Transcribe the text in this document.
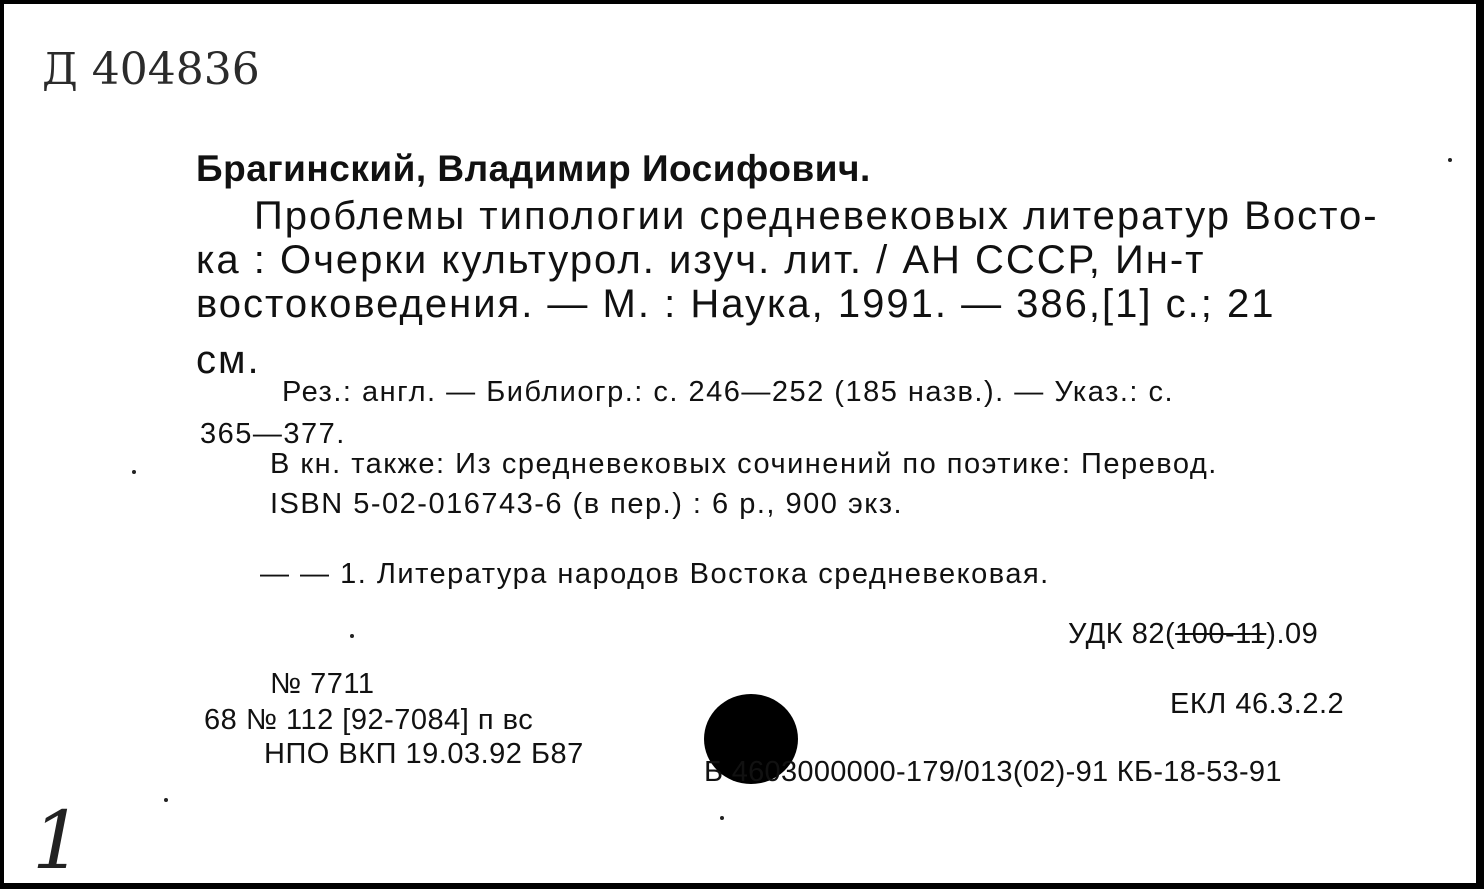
Д 404836
Брагинский, Владимир Иосифович.
Проблемы типологии средневековых литератур Восто-
ка : Очерки культурол. изуч. лит. / АН СССР, Ин-т
востоковедения. — М. : Наука, 1991. — 386,[1] с.; 21
см.
Рез.: англ. — Библиогр.: с. 246—252 (185 назв.). — Указ.: с.
365—377.
В кн. также: Из средневековых сочинений по поэтике: Перевод.
ISBN 5-02-016743-6 (в пер.) : 6 р., 900 экз.
— — 1. Литература народов Востока средневековая.
УДК 82(100-11).09
№ 7711
ЕКЛ 46.3.2.2
68 № 112 [92-7084] п вс
НПО ВКП 19.03.92 Б87
Б 4603000000-179/013(02)-91 КБ-18-53-91
1
